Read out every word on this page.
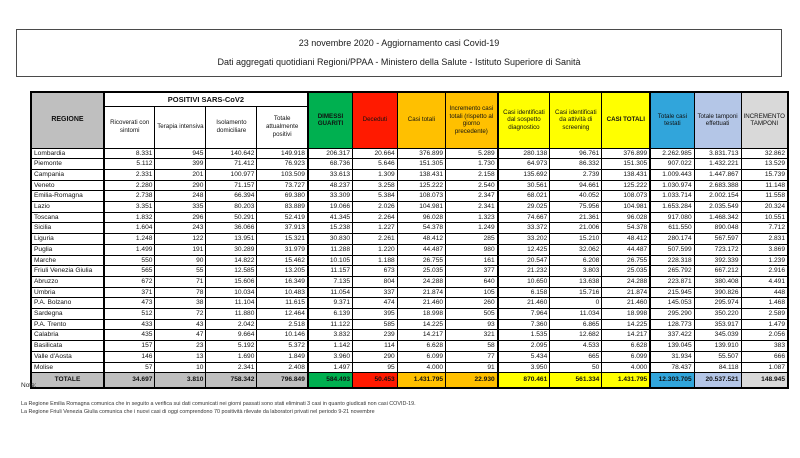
23 novembre 2020 - Aggiornamento casi Covid-19
Dati aggregati quotidiani Regioni/PPAA - Ministero della Salute - Istituto Superiore di Sanità
REGIONE	POSITIVI SARS-CoV2				DIMESSI GUARITI	Deceduti	Casi totali	Incremento casi totali (rispetto al giorno precedente)	Casi identificati dal sospetto diagnostico	Casi identificati da attività di screening	CASI TOTALI	Totale casi testati	Totale tamponi effettuati	INCREMENTO TAMPONI
	Ricoverati con sintomi	Terapia intensiva	Isolamento domiciliare	Totale attualmente positivi										
Lombardia	8.331	945	140.642	149.918	206.317	20.664	376.899	5.289	280.138	96.761	376.899	2.262.985	3.831.713	32.862
Piemonte	5.112	399	71.412	76.923	68.736	5.646	151.305	1.730	64.973	86.332	151.305	907.022	1.432.221	13.529
Campania	2.331	201	100.977	103.509	33.613	1.309	138.431	2.158	135.692	2.739	138.431	1.009.443	1.447.867	15.739
Veneto	2.280	290	71.157	73.727	48.237	3.258	125.222	2.540	30.561	94.661	125.222	1.030.974	2.683.388	11.148
Emilia-Romagna	2.738	248	66.394	69.380	33.309	5.384	108.073	2.347	68.021	40.052	108.073	1.033.714	2.002.154	11.558
Lazio	3.351	335	80.203	83.889	19.066	2.026	104.981	2.341	29.025	75.956	104.981	1.653.284	2.035.549	20.324
Toscana	1.832	296	50.291	52.419	41.345	2.264	96.028	1.323	74.667	21.361	96.028	917.080	1.468.342	10.551
Sicilia	1.604	243	36.066	37.913	15.238	1.227	54.378	1.249	33.372	21.006	54.378	611.550	890.048	7.712
Liguria	1.248	122	13.951	15.321	30.830	2.261	48.412	285	33.202	15.210	48.412	280.174	567.597	2.831
Puglia	1.499	191	30.289	31.979	11.288	1.220	44.487	980	12.425	32.062	44.487	507.599	723.172	3.869
Marche	550	90	14.822	15.462	10.105	1.188	26.755	161	20.547	6.208	26.755	228.318	392.339	1.239
Friuli Venezia Giulia	565	55	12.585	13.205	11.157	673	25.035	377	21.232	3.803	25.035	265.792	667.212	2.916
Abruzzo	672	71	15.606	16.349	7.135	804	24.288	640	10.650	13.638	24.288	223.871	380.408	4.491
Umbria	371	78	10.034	10.483	11.054	337	21.874	105	6.158	15.716	21.874	215.945	390.826	448
P.A. Bolzano	473	38	11.104	11.615	9.371	474	21.460	260	21.460	0	21.460	145.053	295.974	1.468
Sardegna	512	72	11.880	12.464	6.139	395	18.998	505	7.964	11.034	18.998	295.290	350.220	2.589
P.A. Trento	433	43	2.042	2.518	11.122	585	14.225	93	7.360	6.865	14.225	128.773	353.917	1.479
Calabria	435	47	9.664	10.146	3.832	239	14.217	321	1.535	12.682	14.217	337.422	345.039	2.056
Basilicata	157	23	5.192	5.372	1.142	114	6.628	58	2.095	4.533	6.628	139.045	139.910	383
Valle d'Aosta	146	13	1.690	1.849	3.960	290	6.099	77	5.434	665	6.099	31.934	55.507	666
Molise	57	10	2.341	2.408	1.497	95	4.000	91	3.950	50	4.000	78.437	84.118	1.087
TOTALE	34.697	3.810	758.342	796.849	584.493	50.453	1.431.795	22.930	870.461	561.334	1.431.795	12.303.705	20.537.521	148.945
Note:
La Regione Emilia Romagna comunica che in seguito a verifica sui dati comunicati nei giorni passati sono stati eliminati 3 casi in quanto giudicati non casi COVID-19.
La Regione Friuli Venezia Giulia comunica che i nuovi casi di oggi comprendono 70 positività rilevate da laboratori privati nel periodo 9-21 novembre
